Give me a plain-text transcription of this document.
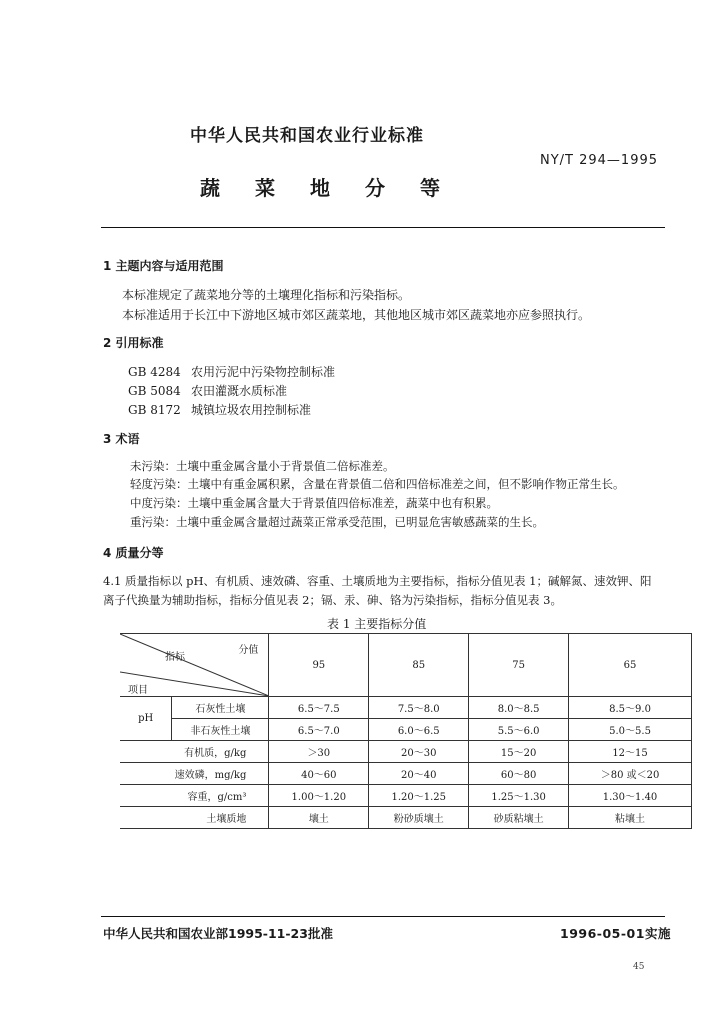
中华人民共和国农业行业标准
NY/T 294—1995
蔬 菜 地 分 等
1 主题内容与适用范围
本标准规定了蔬菜地分等的土壤理化指标和污染指标。
本标准适用于长江中下游地区城市郊区蔬菜地，其他地区城市郊区蔬菜地亦应参照执行。
2 引用标准
GB 4284 农用污泥中污染物控制标准
GB 5084 农田灌溉水质标准
GB 8172 城镇垃圾农用控制标准
3 术语
未污染：土壤中重金属含量小于背景值二倍标准差。
轻度污染：土壤中有重金属积累，含量在背景值二倍和四倍标准差之间，但不影响作物正常生长。
中度污染：土壤中重金属含量大于背景值四倍标准差，蔬菜中也有积累。
重污染：土壤中重金属含量超过蔬菜正常承受范围，已明显危害敏感蔬菜的生长。
4 质量分等
4.1 质量指标以 pH、有机质、速效磷、容重、土壤质地为主要指标，指标分值见表 1；碱解氮、速效钾、阳
离子代换量为辅助指标，指标分值见表 2；镉、汞、砷、铬为污染指标，指标分值见表 3。
表 1 主要指标分值
分值
指标
项目		95	85	75	65
pH	石灰性土壤	6.5～7.5	7.5～8.0	8.0～8.5	8.5～9.0
	非石灰性土壤	6.5～7.0	6.0～6.5	5.5～6.0	5.0～5.5
有机质，g/kg		＞30	20～30	15～20	12～15
速效磷，mg/kg		40～60	20～40	60～80	＞80 或＜20
容重，g/cm³		1.00～1.20	1.20～1.25	1.25～1.30	1.30～1.40
土壤质地		壤土	粉砂质壤土	砂质粘壤土	粘壤土
中华人民共和国农业部1995-11-23批准	1996-05-01实施
45
